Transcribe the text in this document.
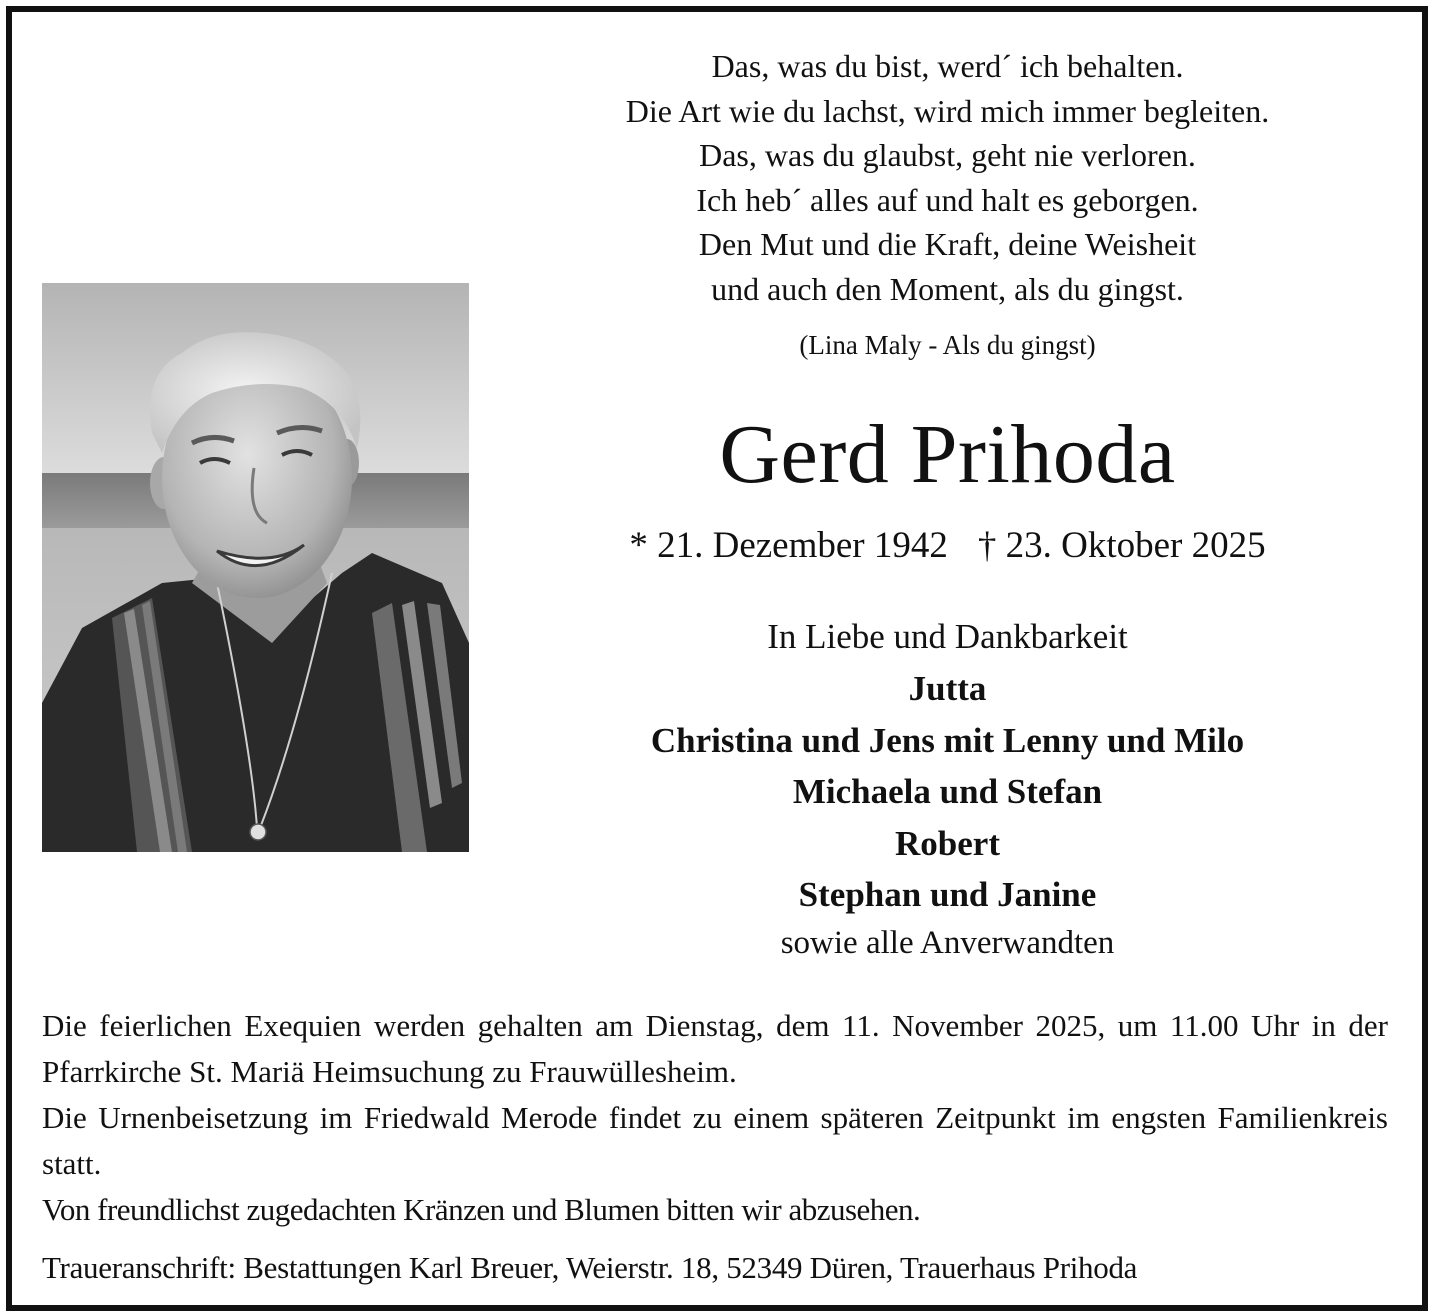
Das, was du bist, werd´ ich behalten.
Die Art wie du lachst, wird mich immer begleiten.
Das, was du glaubst, geht nie verloren.
Ich heb´ alles auf und halt es geborgen.
Den Mut und die Kraft, deine Weisheit
und auch den Moment, als du gingst.
(Lina Maly - Als du gingst)
Gerd Prihoda
* 21. Dezember 1942 † 23. Oktober 2025
In Liebe und Dankbarkeit
Jutta
Christina und Jens mit Lenny und Milo
Michaela und Stefan
Robert
Stephan und Janine
sowie alle Anverwandten
Die feierlichen Exequien werden gehalten am Dienstag, dem 11. November 2025, um 11.00 Uhr in der Pfarrkirche St. Mariä Heimsuchung zu Frauwüllesheim.
Die Urnenbeisetzung im Friedwald Merode findet zu einem späteren Zeitpunkt im engsten Familienkreis statt.
Von freundlichst zugedachten Kränzen und Blumen bitten wir abzusehen.
Traueranschrift: Bestattungen Karl Breuer, Weierstr. 18, 52349 Düren, Trauerhaus Prihoda
